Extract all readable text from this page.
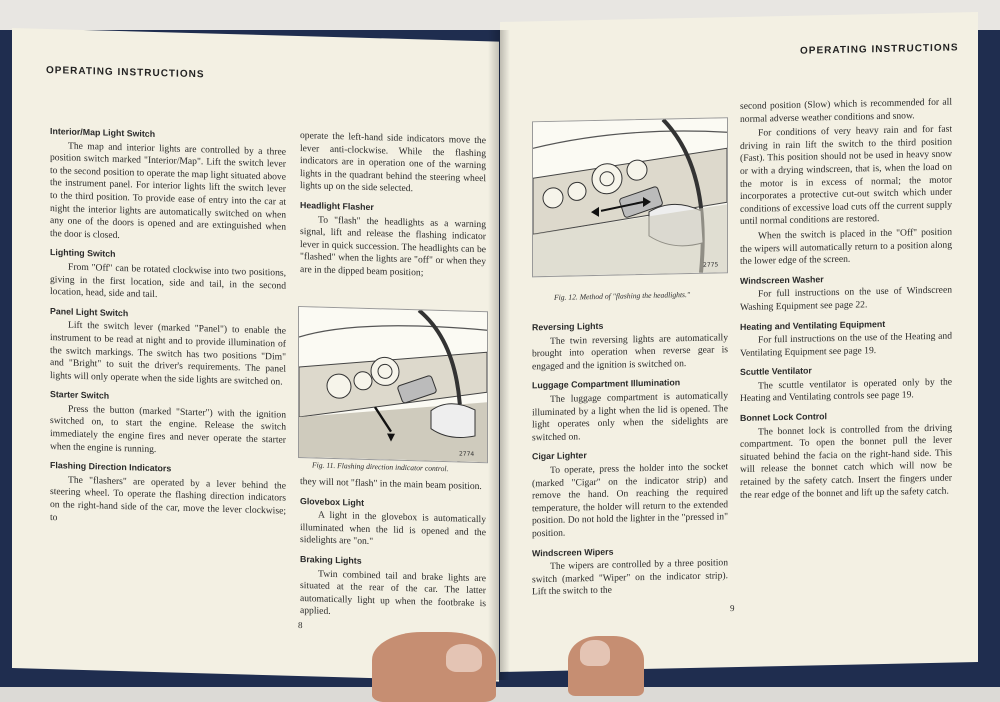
OPERATING INSTRUCTIONS
Interior/Map Light Switch

The map and interior lights are controlled by a three position switch marked "Interior/Map". Lift the switch lever to the second position to operate the map light situated above the instrument panel. For interior lights lift the switch lever to the third position. To provide ease of entry into the car at night the interior lights are automatically switched on when any one of the doors is opened and are extinguished when the door is closed.

Lighting Switch

From "Off" can be rotated clockwise into two positions, giving in the first location, side and tail, in the second location, head, side and tail.

Panel Light Switch

Lift the switch lever (marked "Panel") to enable the instrument to be read at night and to provide illumination of the switch markings. The switch has two positions "Dim" and "Bright" to suit the driver's requirements. The panel lights will only operate when the side lights are switched on.

Starter Switch

Press the button (marked "Starter") with the ignition switched on, to start the engine. Release the switch immediately the engine fires and never operate the starter when the engine is running.

Flashing Direction Indicators

The "flashers" are operated by a lever behind the steering wheel. To operate the flashing direction indicators on the right-hand side of the car, move the lever clockwise; to

operate the left-hand side indicators move the lever anti-clockwise. While the flashing indicators are in operation one of the warning lights in the quadrant behind the steering wheel lights up on the side selected.

Headlight Flasher

To "flash" the headlights as a warning signal, lift and release the flashing indicator lever in quick succession. The headlights can be "flashed" when the lights are "off" or when they are in the dipped beam position;

2774
Fig. 11. Flashing direction indicator control.

they will not "flash" in the main beam position.

Glovebox Light

A light in the glovebox is automatically illuminated when the lid is opened and the sidelights are "on."

Braking Lights

Twin combined tail and brake lights are situated at the rear of the car. The latter automatically light up when the footbrake is applied.

8
OPERATING INSTRUCTIONS
2775
Fig. 12. Method of "flashing the headlights."
Reversing Lights

The twin reversing lights are automatically brought into operation when reverse gear is engaged and the ignition is switched on.

Luggage Compartment Illumination

The luggage compartment is automatically illuminated by a light when the lid is opened. The light operates only when the sidelights are switched on.

Cigar Lighter

To operate, press the holder into the socket (marked "Cigar" on the indicator strip) and remove the hand. On reaching the required temperature, the holder will return to the extended position. Do not hold the lighter in the "pressed in" position.

Windscreen Wipers

The wipers are controlled by a three position switch (marked "Wiper" on the indicator strip). Lift the switch to the

second position (Slow) which is recommended for all normal adverse weather conditions and snow.

For conditions of very heavy rain and for fast driving in rain lift the switch to the third position (Fast). This position should not be used in heavy snow or with a drying windscreen, that is, when the load on the motor is in excess of normal; the motor incorporates a protective cut-out switch which under conditions of excessive load cuts off the current supply until normal conditions are restored.

When the switch is placed in the "Off" position the wipers will automatically return to a position along the lower edge of the screen.

Windscreen Washer

For full instructions on the use of Windscreen Washing Equipment see page 22.

Heating and Ventilating Equipment

For full instructions on the use of the Heating and Ventilating Equipment see page 19.

Scuttle Ventilator

The scuttle ventilator is operated only by the Heating and Ventilating controls see page 19.

Bonnet Lock Control

The bonnet lock is controlled from the driving compartment. To open the bonnet pull the lever situated behind the facia on the right-hand side. This will release the bonnet catch which will now be retained by the safety catch. Insert the fingers under the rear edge of the bonnet and lift up the safety catch.

9
